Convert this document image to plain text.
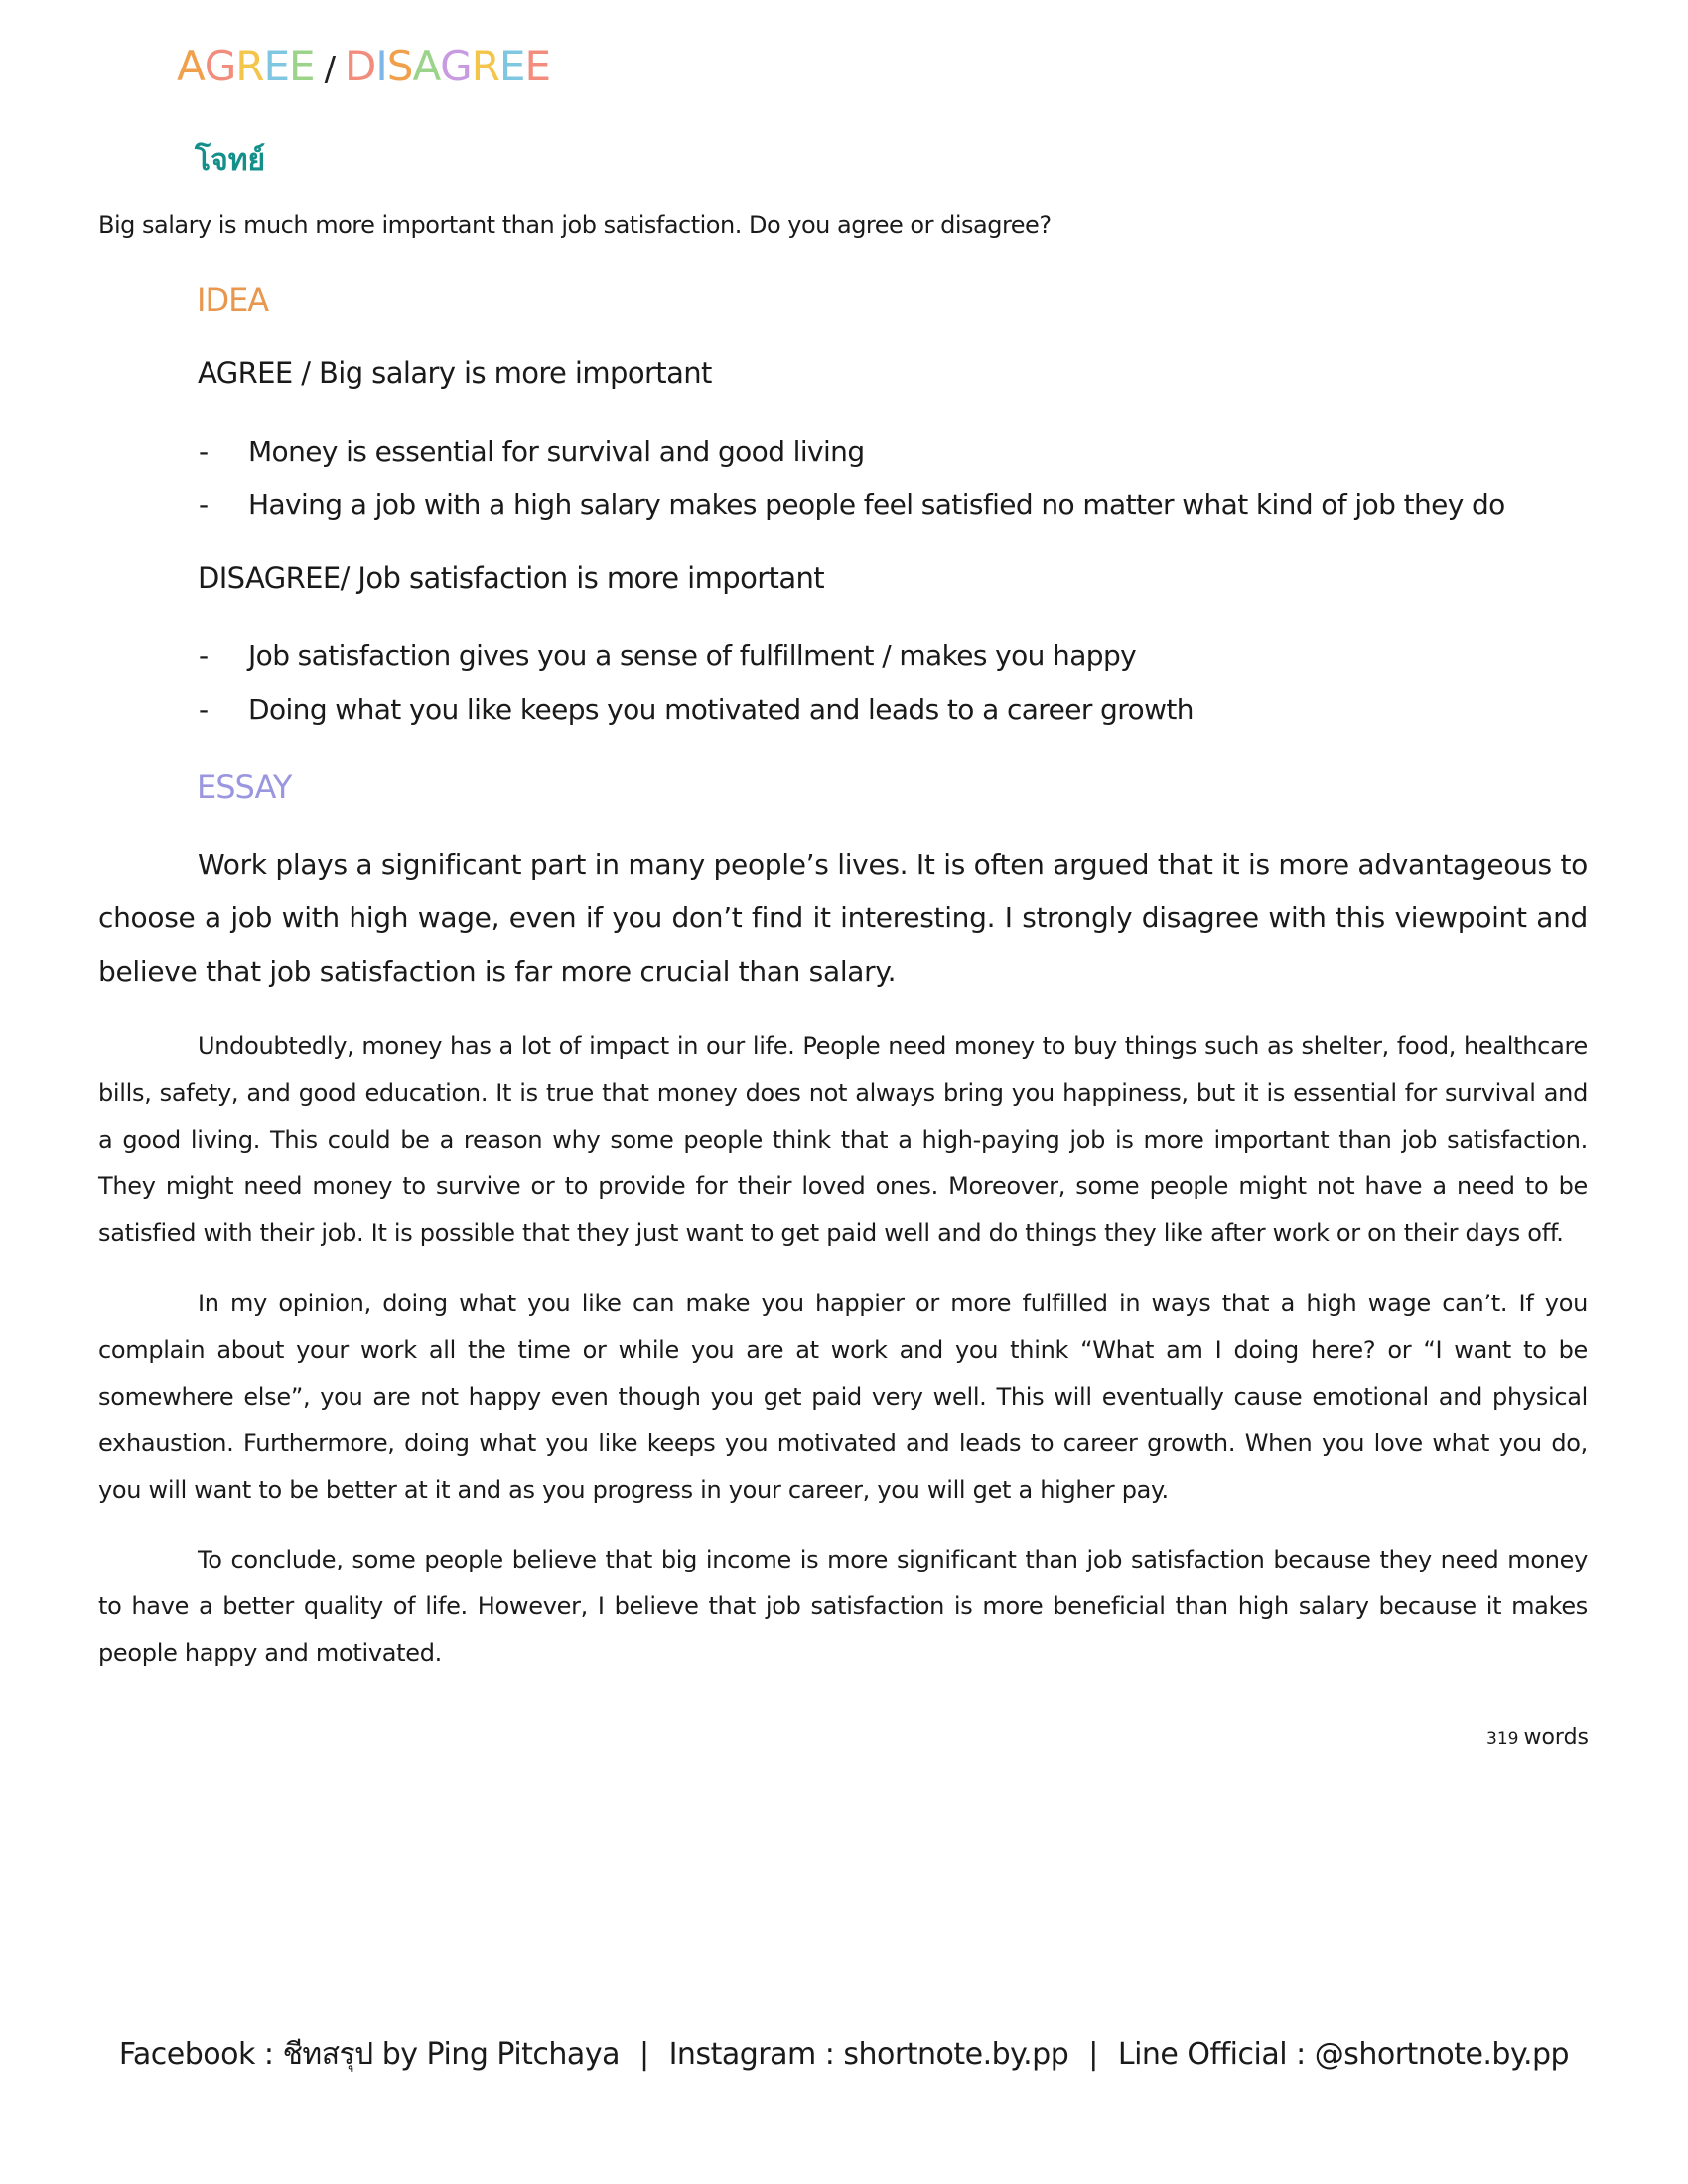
AGREE / DISAGREE
โจทย์
Big salary is much more important than job satisfaction. Do you agree or disagree?
IDEA
AGREE / Big salary is more important
- Money is essential for survival and good living
- Having a job with a high salary makes people feel satisfied no matter what kind of job they do
DISAGREE/ Job satisfaction is more important
- Job satisfaction gives you a sense of fulfillment / makes you happy
- Doing what you like keeps you motivated and leads to a career growth
ESSAY

Work plays a significant part in many people’s lives. It is often argued that it is more advantageous to choose a job with high wage, even if you don’t find it interesting. I strongly disagree with this viewpoint and believe that job satisfaction is far more crucial than salary.

Undoubtedly, money has a lot of impact in our life. People need money to buy things such as shelter, food, healthcare bills, safety, and good education. It is true that money does not always bring you happiness, but it is essential for survival and a good living. This could be a reason why some people think that a high-paying job is more important than job satisfaction. They might need money to survive or to provide for their loved ones. Moreover, some people might not have a need to be satisfied with their job. It is possible that they just want to get paid well and do things they like after work or on their days off.

In my opinion, doing what you like can make you happier or more fulfilled in ways that a high wage can’t. If you complain about your work all the time or while you are at work and you think “What am I doing here? or “I want to be somewhere else”, you are not happy even though you get paid very well. This will eventually cause emotional and physical exhaustion. Furthermore, doing what you like keeps you motivated and leads to career growth. When you love what you do, you will want to be better at it and as you progress in your career, you will get a higher pay.

To conclude, some people believe that big income is more significant than job satisfaction because they need money to have a better quality of life. However, I believe that job satisfaction is more beneficial than high salary because it makes people happy and motivated.

319 words
Facebook : ชีทสรุป by Ping Pitchaya | Instagram : shortnote.by.pp | Line Official : @shortnote.by.pp
